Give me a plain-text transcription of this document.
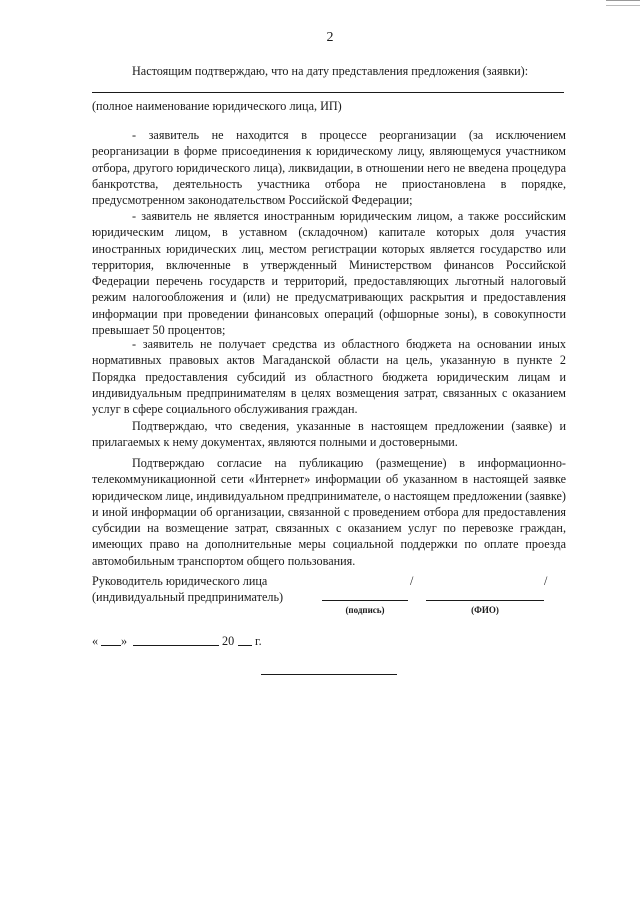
2
Настоящим подтверждаю, что на дату представления предложения (заявки):
(полное наименование юридического лица, ИП)
- заявитель не находится в процессе реорганизации (за исключением реорганизации в форме присоединения к юридическому лицу, являющемуся участником отбора, другого юридического лица), ликвидации, в отношении него не введена процедура банкротства, деятельность участника отбора не приостановлена в порядке, предусмотренном законодательством Российской Федерации;
- заявитель не является иностранным юридическим лицом, а также российским юридическим лицом, в уставном (складочном) капитале которых доля участия иностранных юридических лиц, местом регистрации которых является государство или территория, включенные в утвержденный Министерством финансов Российской Федерации перечень государств и территорий, предоставляющих льготный налоговый режим налогообложения и (или) не предусматривающих раскрытия и предоставления информации при проведении финансовых операций (офшорные зоны), в совокупности превышает 50 процентов;
- заявитель не получает средства из областного бюджета на основании иных нормативных правовых актов Магаданской области на цель, указанную в пункте 2 Порядка предоставления субсидий из областного бюджета юридическим лицам и индивидуальным предпринимателям в целях возмещения затрат, связанных с оказанием услуг в сфере социального обслуживания граждан.
Подтверждаю, что сведения, указанные в настоящем предложении (заявке) и прилагаемых к нему документах, являются полными и достоверными.
Подтверждаю согласие на публикацию (размещение) в информационно-телекоммуникационной сети «Интернет» информации об указанном в настоящей заявке юридическом лице, индивидуальном предпринимателе, о настоящем предложении (заявке) и иной информации об организации, связанной с проведением отбора для предоставления субсидии на возмещение затрат, связанных с оказанием услуг по перевозке граждан, имеющих право на дополнительные меры социальной поддержки по оплате проезда автомобильным транспортом общего пользования.
Руководитель юридического лица
(индивидуальный предприниматель)
/	/
(подпись)	(ФИО)
«	»	20	г.
